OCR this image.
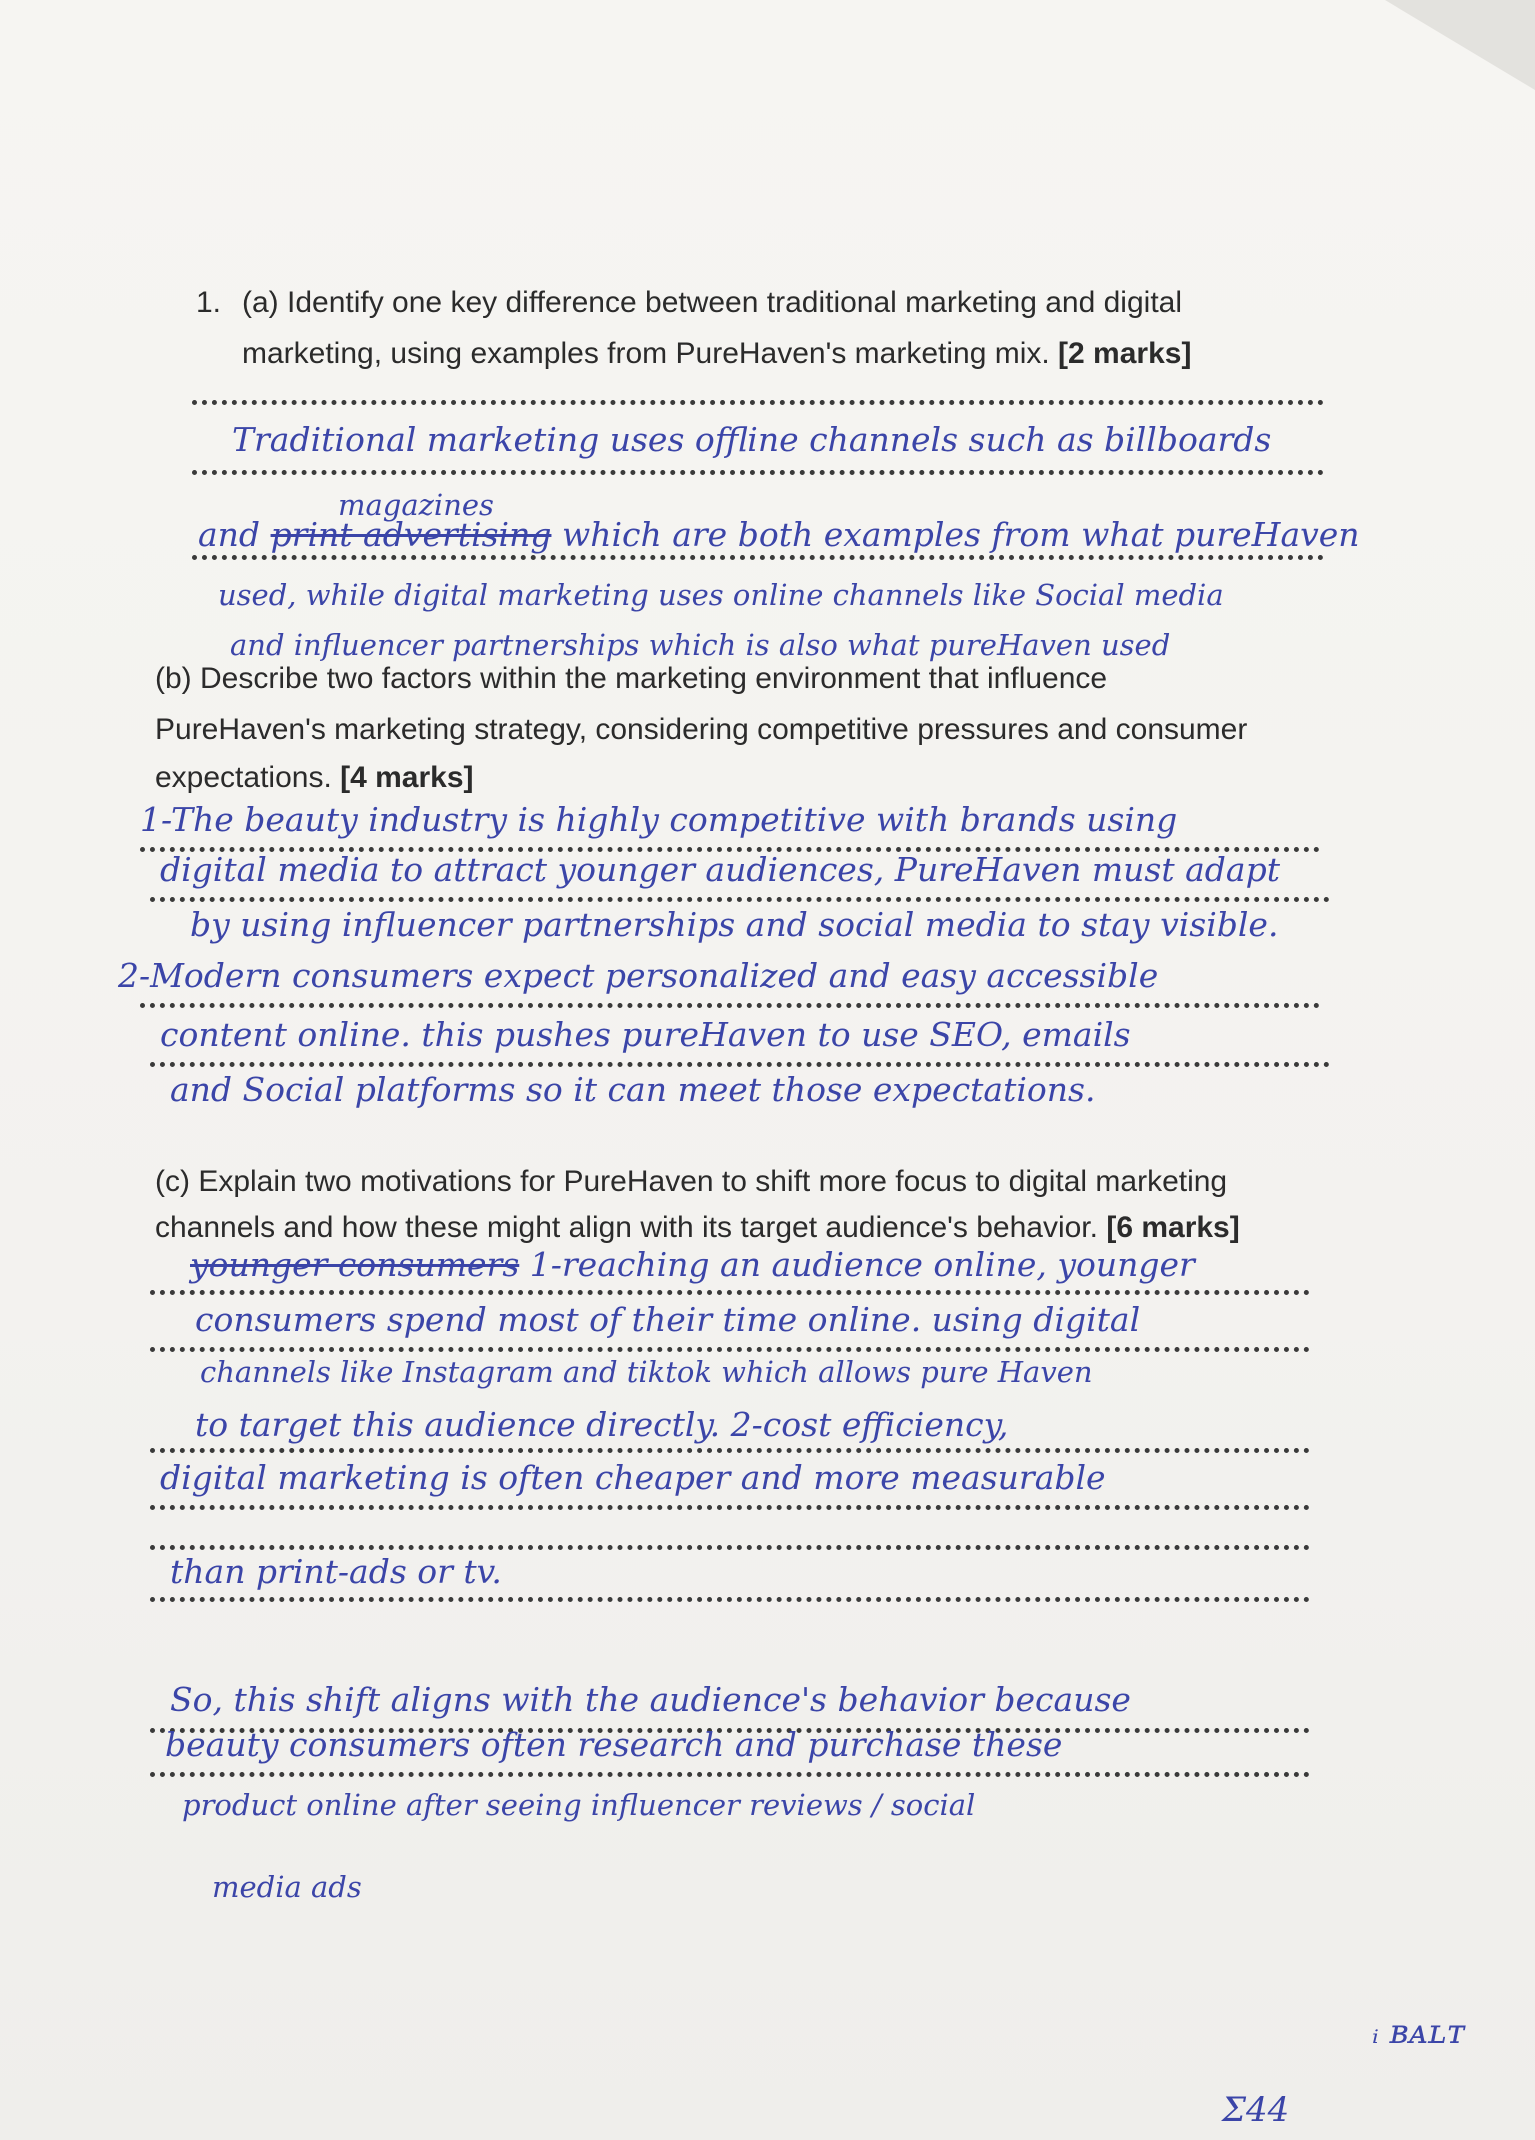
1. (a) Identify one key difference between traditional marketing and digital
marketing, using examples from PureHaven's marketing mix. [2 marks]
Traditional marketing uses offline channels such as billboards
magazines
and print advertising which are both examples from what pureHaven
used, while digital marketing uses online channels like Social media
and influencer partnerships which is also what pureHaven used
(b) Describe two factors within the marketing environment that influence
PureHaven's marketing strategy, considering competitive pressures and consumer
expectations. [4 marks]
1-The beauty industry is highly competitive with brands using
digital media to attract younger audiences, PureHaven must adapt
by using influencer partnerships and social media to stay visible.
2-Modern consumers expect personalized and easy accessible
content online. this pushes pureHaven to use SEO, emails
and Social platforms so it can meet those expectations.
(c) Explain two motivations for PureHaven to shift more focus to digital marketing
channels and how these might align with its target audience's behavior. [6 marks]
younger consumers 1-reaching an audience online, younger
consumers spend most of their time online. using digital
channels like Instagram and tiktok which allows pure Haven
to target this audience directly. 2-cost efficiency,
digital marketing is often cheaper and more measurable
than print-ads or tv.
So, this shift aligns with the audience's behavior because
beauty consumers often research and purchase these
product online after seeing influencer reviews / social
media ads
ᵢ ʙᴀʟᴛ
Σ44
